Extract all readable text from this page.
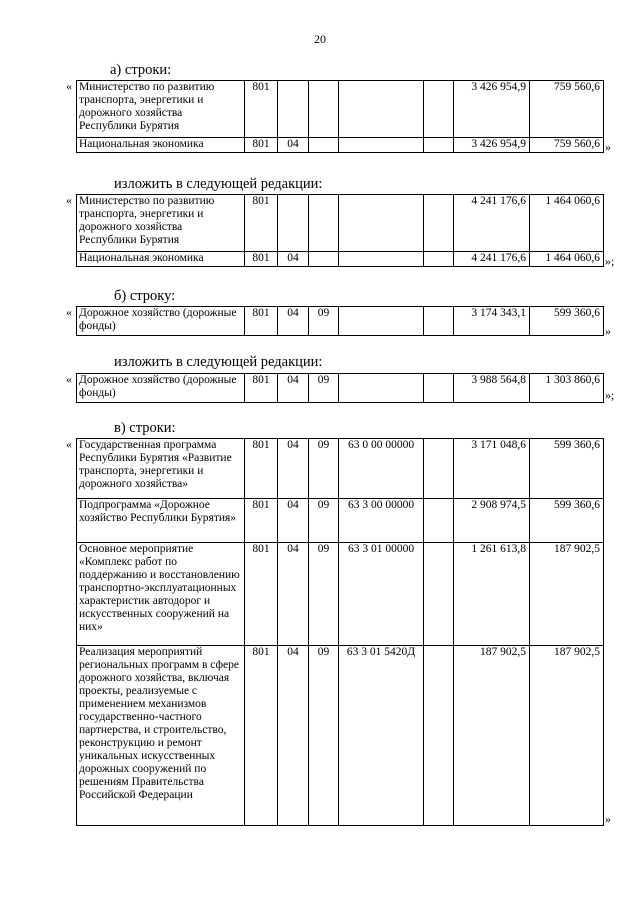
20
а) строки:
« Министерство по развитию транспорта, энергетики и дорожного хозяйства Республики Бурятия	801					3 426 954,9	759 560,6
Национальная экономика	801	04				3 426 954,9	759 560,6 »
изложить в следующей редакции:
« Министерство по развитию транспорта, энергетики и дорожного хозяйства Республики Бурятия	801					4 241 176,6	1 464 060,6
Национальная экономика	801	04				4 241 176,6	1 464 060,6 »;
б) строку:
« Дорожное хозяйство (дорожные фонды)	801	04	09			3 174 343,1	599 360,6
»
изложить в следующей редакции:
« Дорожное хозяйство (дорожные фонды)	801	04	09			3 988 564,8	1 303 860,6
»;
в) строки:
« Государственная программа Республики Бурятия «Развитие транспорта, энергетики и дорожного хозяйства»	801	04	09	63 0 00 00000		3 171 048,6	599 360,6
Подпрограмма «Дорожное хозяйство Республики Бурятия»	801	04	09	63 3 00 00000		2 908 974,5	599 360,6
Основное мероприятие «Комплекс работ по поддержанию и восстановлению транспортно-эксплуатационных характеристик автодорог и искусственных сооружений на них»	801	04	09	63 3 01 00000		1 261 613,8	187 902,5
Реализация мероприятий региональных программ в сфере дорожного хозяйства, включая проекты, реализуемые с применением механизмов государственно-частного партнерства, и строительство, реконструкцию и ремонт уникальных искусственных дорожных сооружений по решениям Правительства Российской Федерации	801	04	09	63 3 01 5420Д		187 902,5	187 902,5
»
